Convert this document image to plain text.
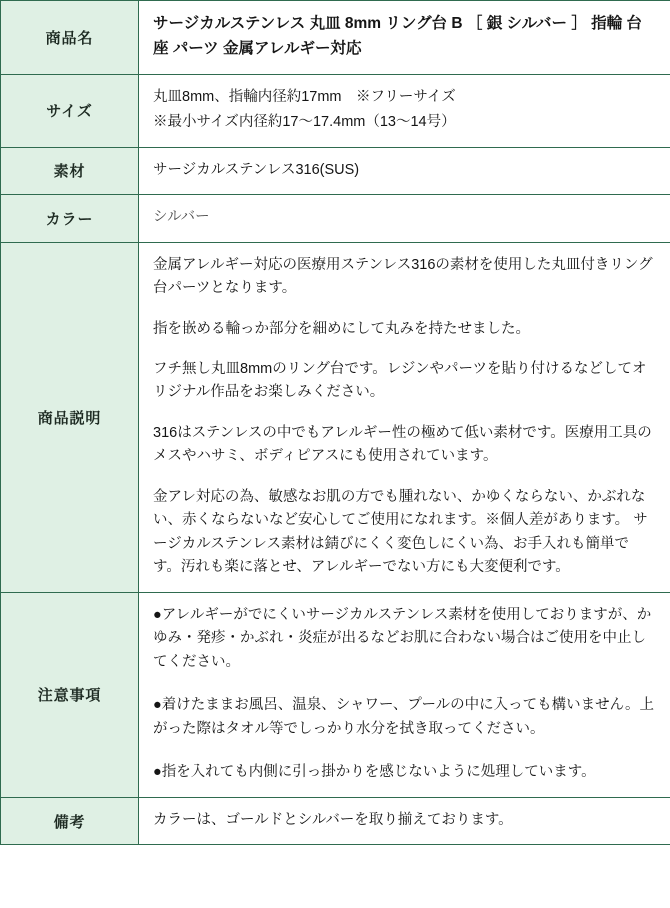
商品名	サージカルステンレス 丸皿 8mm リング台 B ［ 銀 シルバー ］ 指輪 台座 パーツ 金属アレルギー対応

サイズ	丸皿8mm、指輪内径約17mm　※フリーサイズ

※最小サイズ内径約17～17.4mm（13～14号）

素材	サージカルステンレス316(SUS)

カラー	シルバー

商品説明	金属アレルギー対応の医療用ステンレス316の素材を使用した丸皿付きリング台パーツとなります。

指を嵌める輪っか部分を細めにして丸みを持たせました。

フチ無し丸皿8mmのリング台です。レジンやパーツを貼り付けるなどしてオリジナル作品をお楽しみください。

316はステンレスの中でもアレルギー性の極めて低い素材です。医療用工具のメスやハサミ、ボディピアスにも使用されています。

金アレ対応の為、敏感なお肌の方でも腫れない、かゆくならない、かぶれない、赤くならないなど安心してご使用になれます。※個人差があります。 サージカルステンレス素材は錆びにくく変色しにくい為、お手入れも簡単です。汚れも楽に落とせ、アレルギーでない方にも大変便利です。

注意事項	●アレルギーがでにくいサージカルステンレス素材を使用しておりますが、かゆみ・発疹・かぶれ・炎症が出るなどお肌に合わない場合はご使用を中止してください。

●着けたままお風呂、温泉、シャワー、プールの中に入っても構いません。上がった際はタオル等でしっかり水分を拭き取ってください。

●指を入れても内側に引っ掛かりを感じないように処理しています。

備考	カラーは、ゴールドとシルバーを取り揃えております。
